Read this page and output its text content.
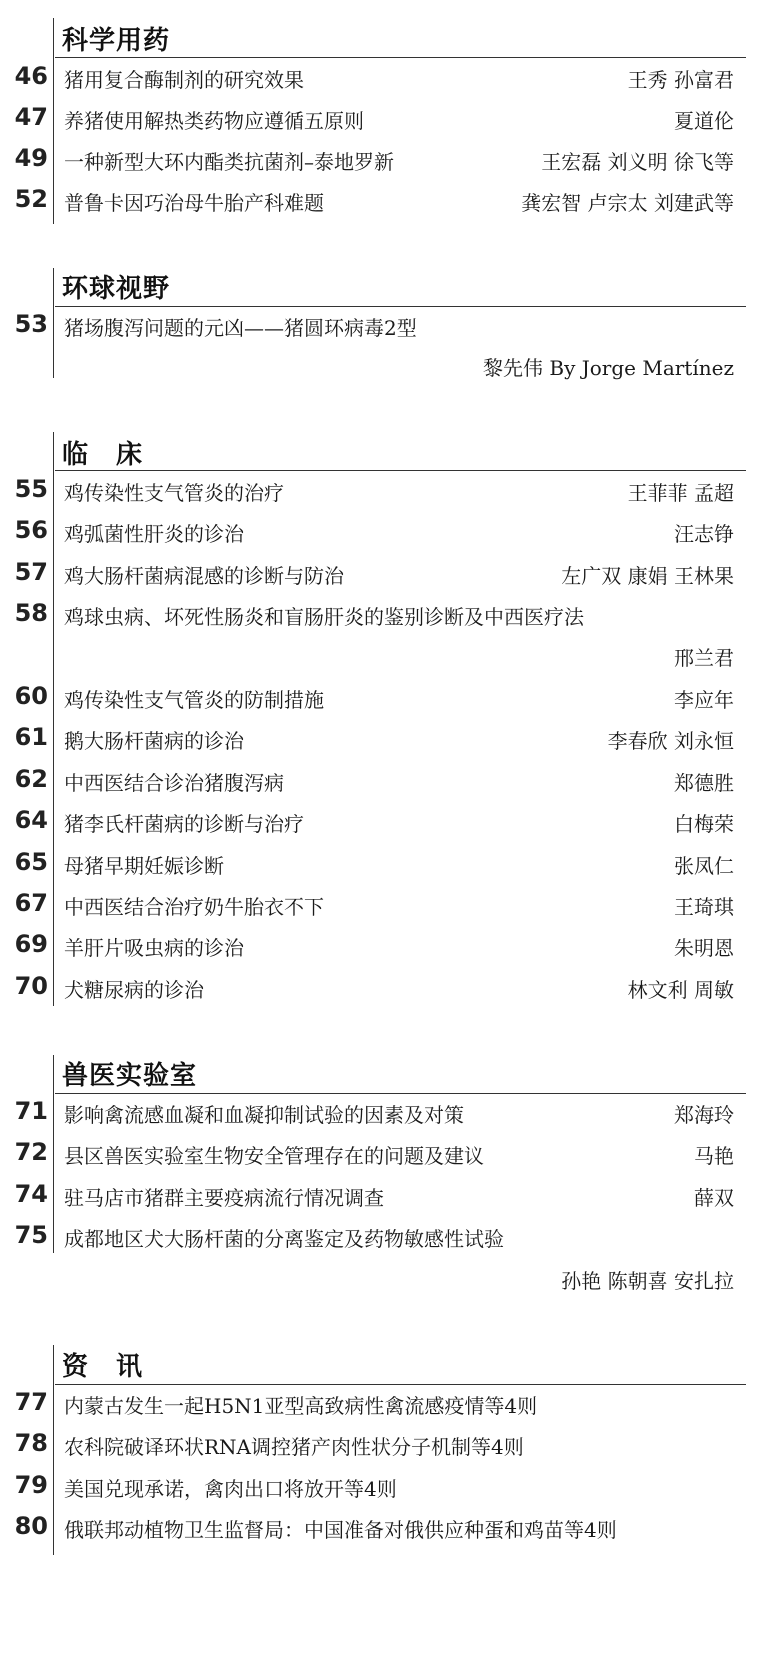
科学用药
46 猪用复合酶制剂的研究效果	王秀 孙富君
47 养猪使用解热类药物应遵循五原则	夏道伦
49 一种新型大环内酯类抗菌剂–泰地罗新	王宏磊 刘义明 徐飞等
52 普鲁卡因巧治母牛胎产科难题	龚宏智 卢宗太 刘建武等
环球视野
53 猪场腹泻问题的元凶——猪圆环病毒2型
黎先伟 By Jorge Martínez
临　床
55 鸡传染性支气管炎的治疗	王菲菲 孟超
56 鸡弧菌性肝炎的诊治	汪志铮
57 鸡大肠杆菌病混感的诊断与防治	左广双 康娟 王林果
58 鸡球虫病、坏死性肠炎和盲肠肝炎的鉴别诊断及中西医疗法
邢兰君
60 鸡传染性支气管炎的防制措施	李应年
61 鹅大肠杆菌病的诊治	李春欣 刘永恒
62 中西医结合诊治猪腹泻病	郑德胜
64 猪李氏杆菌病的诊断与治疗	白梅荣
65 母猪早期妊娠诊断	张凤仁
67 中西医结合治疗奶牛胎衣不下	王琦琪
69 羊肝片吸虫病的诊治	朱明恩
70 犬糖尿病的诊治	林文利 周敏
兽医实验室
71 影响禽流感血凝和血凝抑制试验的因素及对策	郑海玲
72 县区兽医实验室生物安全管理存在的问题及建议	马艳
74 驻马店市猪群主要疫病流行情况调查	薛双
75 成都地区犬大肠杆菌的分离鉴定及药物敏感性试验
孙艳 陈朝喜 安扎拉
资　讯
77 内蒙古发生一起H5N1亚型高致病性禽流感疫情等4则
78 农科院破译环状RNA调控猪产肉性状分子机制等4则
79 美国兑现承诺，禽肉出口将放开等4则
80 俄联邦动植物卫生监督局：中国准备对俄供应种蛋和鸡苗等4则
